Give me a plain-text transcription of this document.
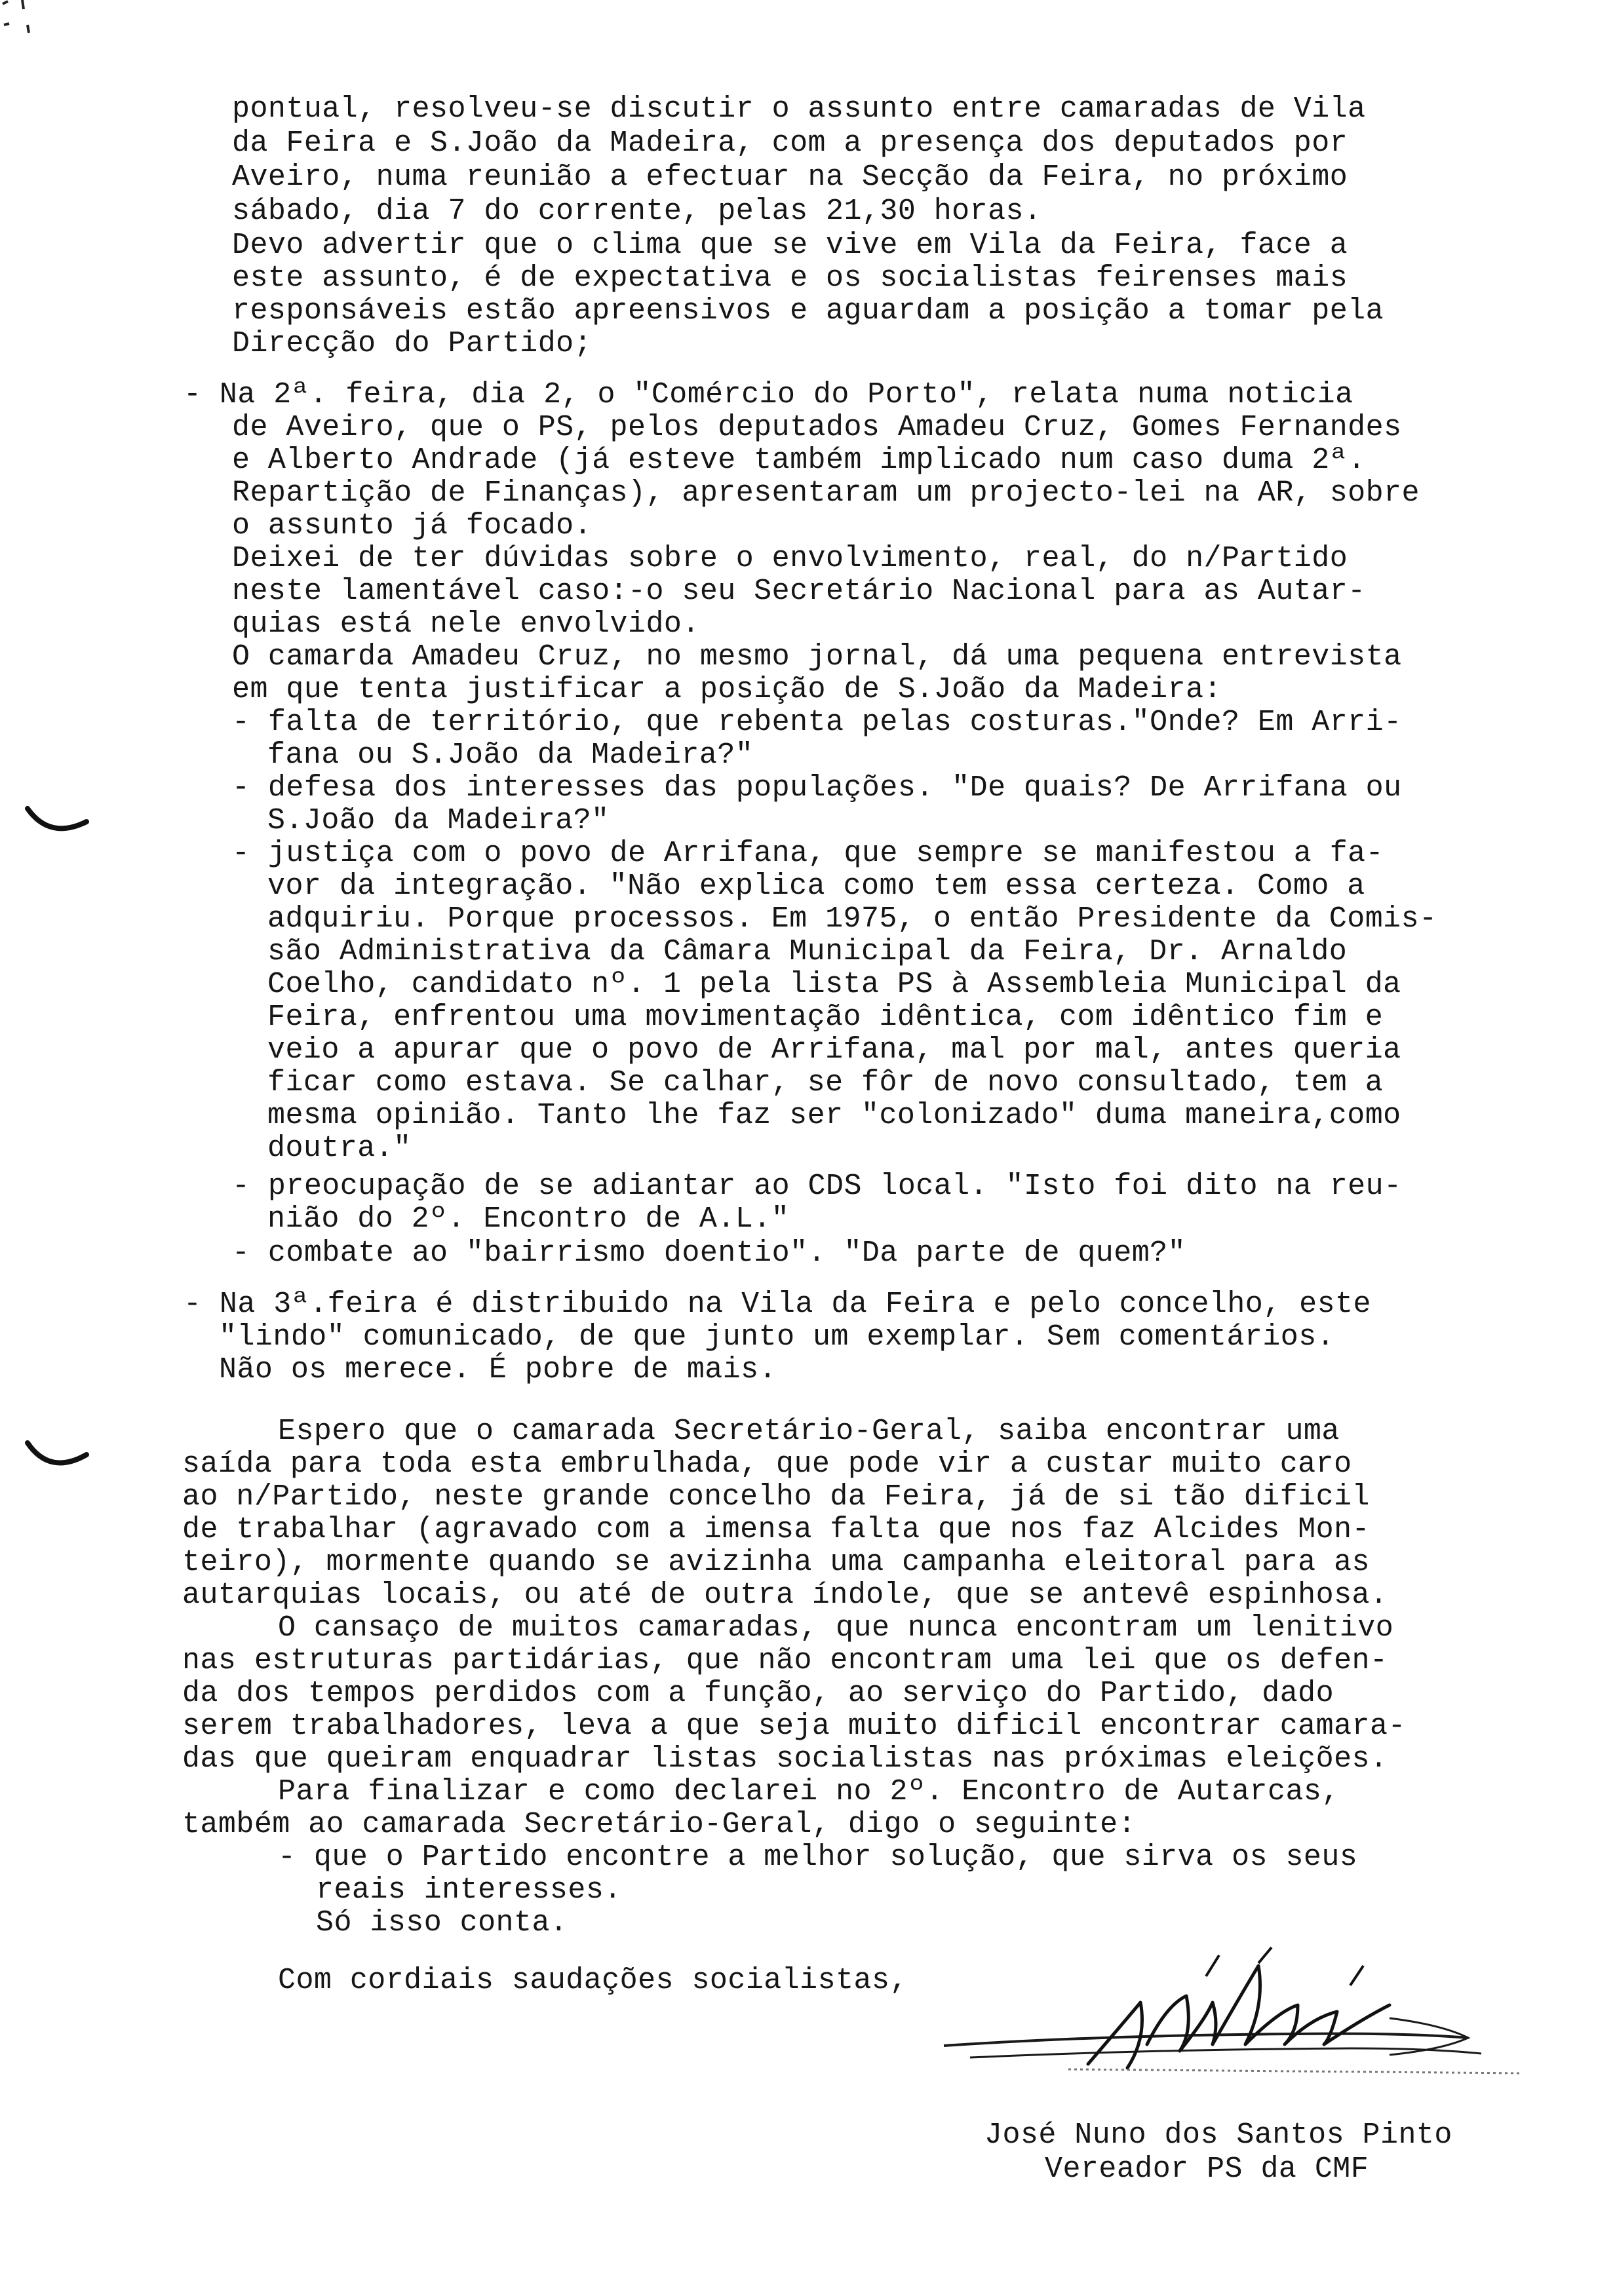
pontual, resolveu-se discutir o assunto entre camaradas de Vila
da Feira e S.João da Madeira, com a presença dos deputados por
Aveiro, numa reunião a efectuar na Secção da Feira, no próximo
sábado, dia 7 do corrente, pelas 21,30 horas.
Devo advertir que o clima que se vive em Vila da Feira, face a
este assunto, é de expectativa e os socialistas feirenses mais
responsáveis estão apreensivos e aguardam a posição a tomar pela
Direcção do Partido;
- Na 2ª. feira, dia 2, o "Comércio do Porto", relata numa noticia
de Aveiro, que o PS, pelos deputados Amadeu Cruz, Gomes Fernandes
e Alberto Andrade (já esteve também implicado num caso duma 2ª.
Repartição de Finanças), apresentaram um projecto-lei na AR, sobre
o assunto já focado.
Deixei de ter dúvidas sobre o envolvimento, real, do n/Partido
neste lamentável caso:-o seu Secretário Nacional para as Autar-
quias está nele envolvido.
O camarda Amadeu Cruz, no mesmo jornal, dá uma pequena entrevista
em que tenta justificar a posição de S.João da Madeira:
- falta de território, que rebenta pelas costuras."Onde? Em Arri-
fana ou S.João da Madeira?"
- defesa dos interesses das populações. "De quais? De Arrifana ou
S.João da Madeira?"
- justiça com o povo de Arrifana, que sempre se manifestou a fa-
vor da integração. "Não explica como tem essa certeza. Como a
adquiriu. Porque processos. Em 1975, o então Presidente da Comis-
são Administrativa da Câmara Municipal da Feira, Dr. Arnaldo
Coelho, candidato nº. 1 pela lista PS à Assembleia Municipal da
Feira, enfrentou uma movimentação idêntica, com idêntico fim e
veio a apurar que o povo de Arrifana, mal por mal, antes queria
ficar como estava. Se calhar, se fôr de novo consultado, tem a
mesma opinião. Tanto lhe faz ser "colonizado" duma maneira,como
doutra."
- preocupação de se adiantar ao CDS local. "Isto foi dito na reu-
nião do 2º. Encontro de A.L."
- combate ao "bairrismo doentio". "Da parte de quem?"
- Na 3ª.feira é distribuido na Vila da Feira e pelo concelho, este
"lindo" comunicado, de que junto um exemplar. Sem comentários.
Não os merece. É pobre de mais.
Espero que o camarada Secretário-Geral, saiba encontrar uma
saída para toda esta embrulhada, que pode vir a custar muito caro
ao n/Partido, neste grande concelho da Feira, já de si tão dificil
de trabalhar (agravado com a imensa falta que nos faz Alcides Mon-
teiro), mormente quando se avizinha uma campanha eleitoral para as
autarquias locais, ou até de outra índole, que se antevê espinhosa.
O cansaço de muitos camaradas, que nunca encontram um lenitivo
nas estruturas partidárias, que não encontram uma lei que os defen-
da dos tempos perdidos com a função, ao serviço do Partido, dado
serem trabalhadores, leva a que seja muito dificil encontrar camara-
das que queiram enquadrar listas socialistas nas próximas eleições.
Para finalizar e como declarei no 2º. Encontro de Autarcas,
também ao camarada Secretário-Geral, digo o seguinte:
- que o Partido encontre a melhor solução, que sirva os seus
reais interesses.
Só isso conta.
Com cordiais saudações socialistas,
José Nuno dos Santos Pinto
Vereador PS da CMF
